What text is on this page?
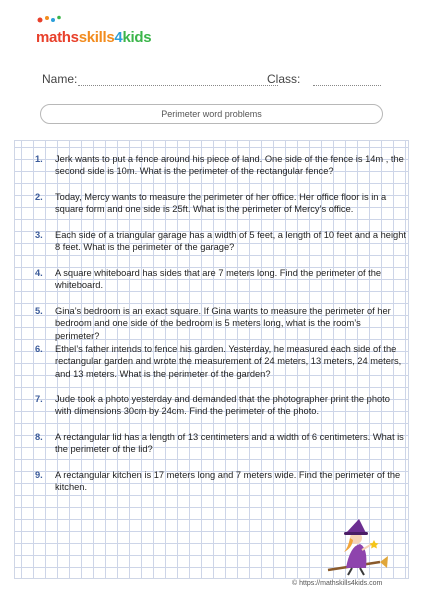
mathsskills4kids
Name:	Class:
Perimeter word problems
1. Jerk wants to put a fence around his piece of land. One side of the fence is 14m , the second side is 10m. What is the perimeter of the rectangular fence?
2. Today, Mercy wants to measure the perimeter of her office. Her office floor is in a square form and one side is 25ft. What is the perimeter of Mercy’s office.
3. Each side of a triangular garage has a width of 5 feet, a length of 10 feet and a height 8 feet. What is the perimeter of the garage?
4. A square whiteboard has sides that are 7 meters long. Find the perimeter of the whiteboard.
5. Gina’s bedroom is an exact square. If Gina wants to measure the perimeter of her bedroom and one side of the bedroom is 5 meters long, what is the room’s perimeter?
6. Ethel’s father intends to fence his garden. Yesterday, he measured each side of the rectangular garden and wrote the measurement of 24 meters, 13 meters, 24 meters, and 13 meters. What is the perimeter of the garden?
7. Jude took a photo yesterday and demanded that the photographer print the photo with dimensions 30cm by 24cm. Find the perimeter of the photo.
8. A rectangular lid has a length of 13 centimeters and a width of 6 centimeters. What is the perimeter of the lid?
9. A rectangular kitchen is 17 meters long and 7 meters wide. Find the perimeter of the kitchen.
© https://mathskills4kids.com
